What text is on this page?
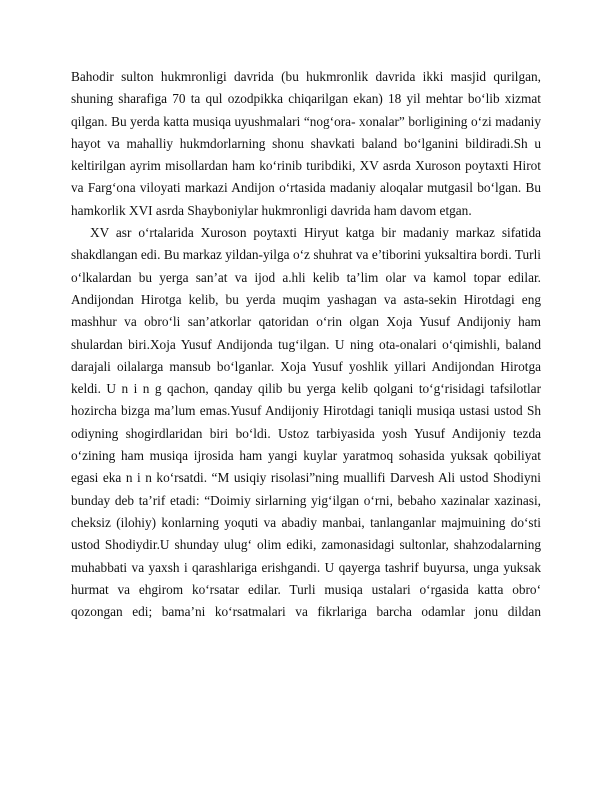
Bahodir sulton hukmronligi davrida (bu hukmronlik davrida ikki masjid qurilgan, shuning sharafiga 70 ta qul ozodpikka chiqarilgan ekan) 18 yil mehtar bo‘lib xizmat qilgan. Bu yerda katta musiqa uyushmalari “nog‘ora- xonalar” borligining o‘zi madaniy hayot va mahalliy hukmdorlarning shonu shavkati baland bo‘lganini bildiradi.Sh u keltirilgan ayrim misollardan ham ko‘rinib turibdiki, XV asrda Xuroson poytaxti Hirot va Farg‘ona viloyati markazi Andijon o‘rtasida madaniy aloqalar mutgasil bo‘lgan. Bu hamkorlik XVI asrda Shayboniylar hukmronligi davrida ham davom etgan.

XV asr o‘rtalarida Xuroson poytaxti Hiryut katga bir madaniy markaz sifatida shakdlangan edi. Bu markaz yildan-yilga o‘z shuhrat va e’tiborini yuksaltira bordi. Turli o‘lkalardan bu yerga san’at va ijod a.hli kelib ta’lim olar va kamol topar edilar. Andijondan Hirotga kelib, bu yerda muqim yashagan va asta-sekin Hirotdagi eng mashhur va obro‘li san’atkorlar qatoridan o‘rin olgan Xoja Yusuf Andijoniy ham shulardan biri.Xoja Yusuf Andijonda tug‘ilgan. U ning ota-onalari o‘qimishli, baland darajali oilalarga mansub bo‘lganlar. Xoja Yusuf yoshlik yillari Andijondan Hirotga keldi. U n i n g qachon, qanday qilib bu yerga kelib qolgani to‘g‘risidagi tafsilotlar hozircha bizga ma’lum emas.Yusuf Andijoniy Hirotdagi taniqli musiqa ustasi ustod Sh odiyning shogirdlaridan biri bo‘ldi. Ustoz tarbiyasida yosh Yusuf Andijoniy tezda o‘zining ham musiqa ijrosida ham yangi kuylar yaratmoq sohasida yuksak qobiliyat egasi eka n i n ko‘rsatdi. “M usiqiy risolasi”ning muallifi Darvesh Ali ustod Shodiyni bunday deb ta’rif etadi: “Doimiy sirlarning yig‘ilgan o‘rni, bebaho xazinalar xazinasi, cheksiz (ilohiy) konlarning yoquti va abadiy manbai, tanlanganlar majmuining do‘sti ustod Shodiydir.U shunday ulug‘ olim ediki, zamonasidagi sultonlar, shahzodalarning muhabbati va yaxsh i qarashlariga erishgandi. U qayerga tashrif buyursa, unga yuksak hurmat va ehgirom ko‘rsatar edilar. Turli musiqa ustalari o‘rgasida katta obro‘ qozongan edi; bama’ni ko‘rsatmalari va fikrlariga barcha odamlar jonu dildan
